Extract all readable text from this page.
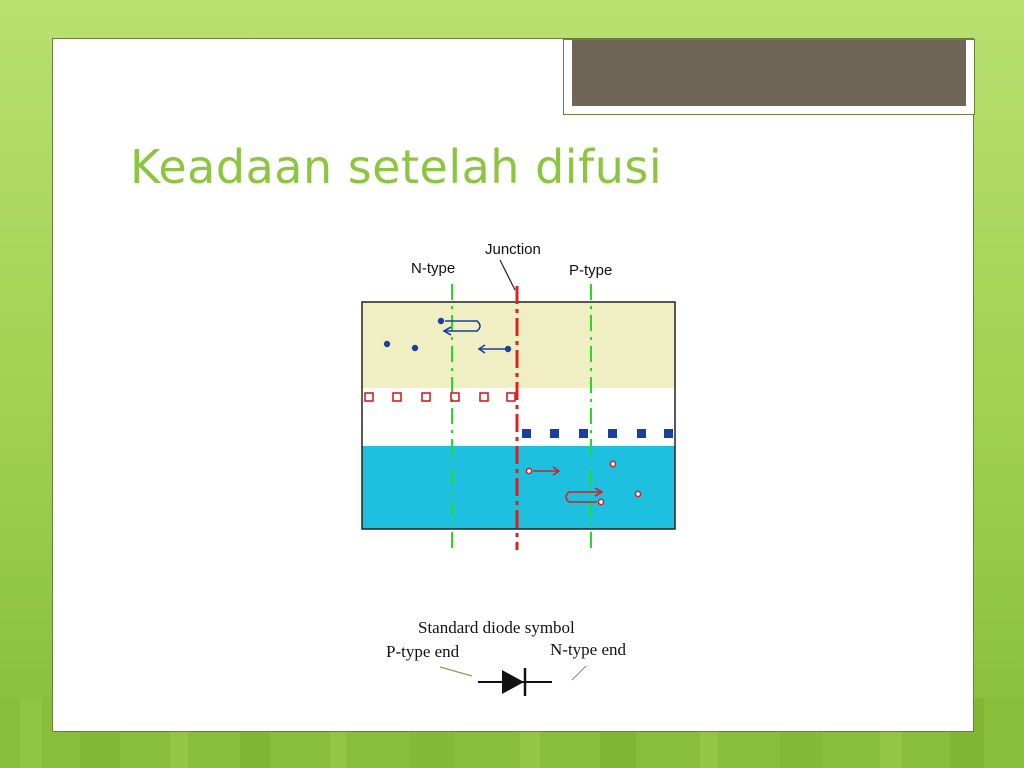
Keadaan setelah difusi
N-type
Junction
P-type
Standard diode symbol
P-type end	N-type end
